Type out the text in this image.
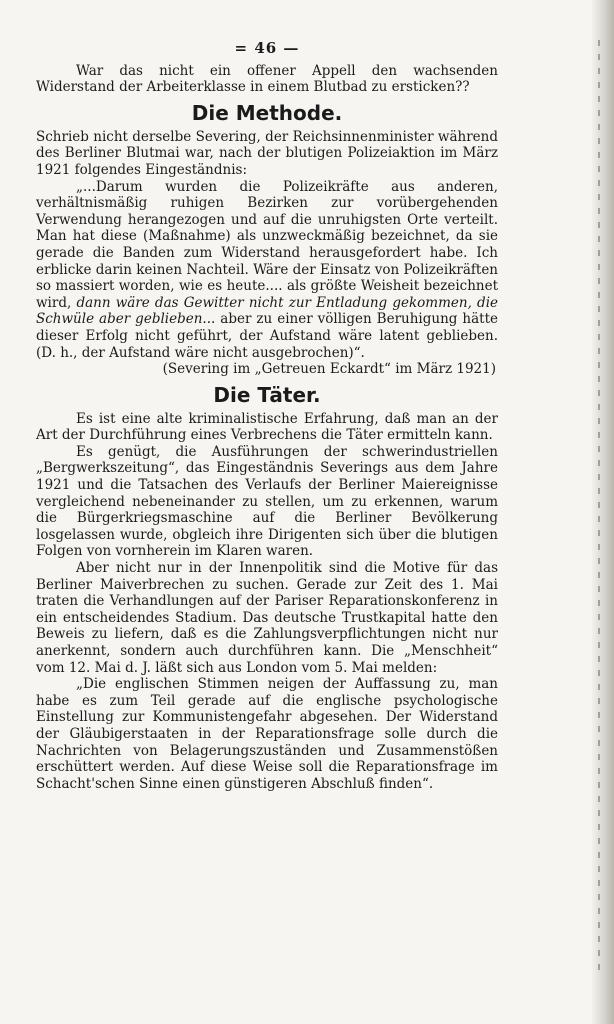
= 46 —

War das nicht ein offener Appell den wachsenden Widerstand der Arbeiterklasse in einem Blutbad zu ersticken??

Die Methode.

Schrieb nicht derselbe Severing, der Reichsinnenminister während des Berliner Blutmai war, nach der blutigen Polizeiaktion im März 1921 folgendes Eingeständnis:

„...Darum wurden die Polizeikräfte aus anderen, verhältnismäßig ruhigen Bezirken zur vorübergehenden Verwendung herangezogen und auf die unruhigsten Orte verteilt. Man hat diese (Maßnahme) als unzweckmäßig bezeichnet, da sie gerade die Banden zum Widerstand herausgefordert habe. Ich erblicke darin keinen Nachteil. Wäre der Einsatz von Polizeikräften so massiert worden, wie es heute.... als größte Weisheit bezeichnet wird, dann wäre das Gewitter nicht zur Entladung gekommen, die Schwüle aber geblieben... aber zu einer völligen Beruhigung hätte dieser Erfolg nicht geführt, der Aufstand wäre latent geblieben. (D. h., der Aufstand wäre nicht ausgebrochen)“.

(Severing im „Getreuen Eckardt“ im März 1921)

Die Täter.

Es ist eine alte kriminalistische Erfahrung, daß man an der Art der Durchführung eines Verbrechens die Täter ermitteln kann.

Es genügt, die Ausführungen der schwerindustriellen „Bergwerkszeitung“, das Eingeständnis Severings aus dem Jahre 1921 und die Tatsachen des Verlaufs der Berliner Maiereignisse vergleichend nebeneinander zu stellen, um zu erkennen, warum die Bürgerkriegsmaschine auf die Berliner Bevölkerung losgelassen wurde, obgleich ihre Dirigenten sich über die blutigen Folgen von vornherein im Klaren waren.

Aber nicht nur in der Innenpolitik sind die Motive für das Berliner Maiverbrechen zu suchen. Gerade zur Zeit des 1. Mai traten die Verhandlungen auf der Pariser Reparationskonferenz in ein entscheidendes Stadium. Das deutsche Trustkapital hatte den Beweis zu liefern, daß es die Zahlungsverpflichtungen nicht nur anerkennt, sondern auch durchführen kann. Die „Menschheit“ vom 12. Mai d. J. läßt sich aus London vom 5. Mai melden:

„Die englischen Stimmen neigen der Auffassung zu, man habe es zum Teil gerade auf die englische psychologische Einstellung zur Kommunistengefahr abgesehen. Der Widerstand der Gläubigerstaaten in der Reparationsfrage solle durch die Nachrichten von Belagerungszuständen und Zusammenstößen erschüttert werden. Auf diese Weise soll die Reparationsfrage im Schacht'schen Sinne einen günstigeren Abschluß finden“.
